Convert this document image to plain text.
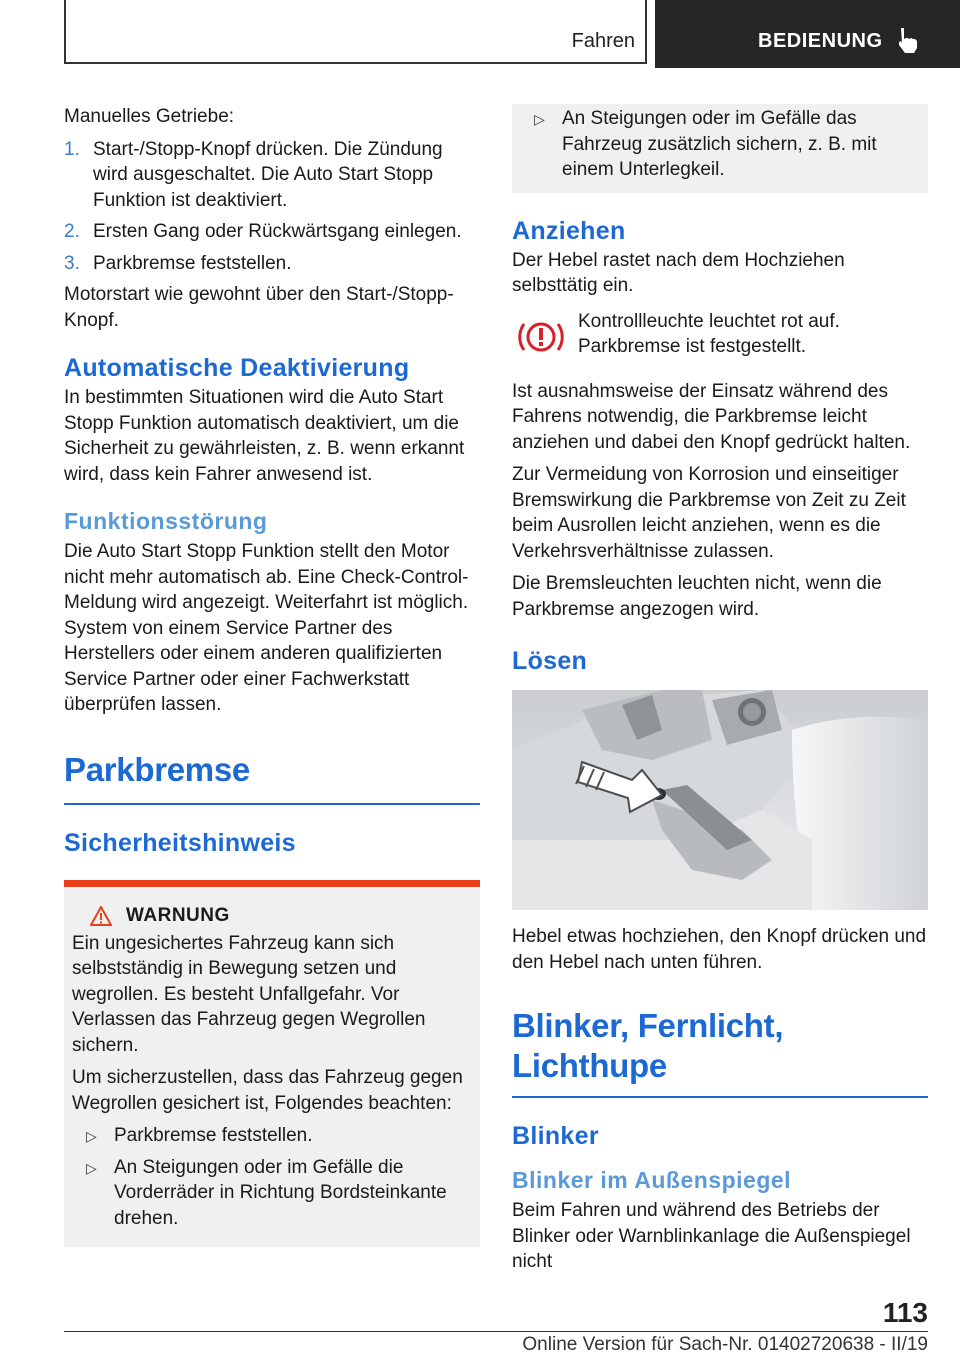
Fahren	BEDIENUNG

Manuelles Getriebe:

1. Start-/Stopp-Knopf drücken. Die Zündung wird ausgeschaltet. Die Auto Start Stopp Funktion ist deaktiviert.
2. Ersten Gang oder Rückwärtsgang einlegen.
3. Parkbremse feststellen.

Motorstart wie gewohnt über den Start-/Stopp-Knopf.

Automatische Deaktivierung

In bestimmten Situationen wird die Auto Start Stopp Funktion automatisch deaktiviert, um die Sicherheit zu gewährleisten, z. B. wenn erkannt wird, dass kein Fahrer anwesend ist.

Funktionsstörung

Die Auto Start Stopp Funktion stellt den Motor nicht mehr automatisch ab. Eine Check-Control-Meldung wird angezeigt. Weiterfahrt ist möglich. System von einem Service Partner des Herstellers oder einem anderen qualifizierten Service Partner oder einer Fachwerkstatt überprüfen lassen.

Parkbremse
Sicherheitshinweis
WARNUNG

Ein ungesichertes Fahrzeug kann sich selbstständig in Bewegung setzen und wegrollen. Es besteht Unfallgefahr. Vor Verlassen das Fahrzeug gegen Wegrollen sichern.

Um sicherzustellen, dass das Fahrzeug gegen Wegrollen gesichert ist, Folgendes beachten:

▷ Parkbremse feststellen.
▷ An Steigungen oder im Gefälle die Vorderräder in Richtung Bordsteinkante drehen.
▷ An Steigungen oder im Gefälle das Fahrzeug zusätzlich sichern, z. B. mit einem Unterlegkeil.
Anziehen

Der Hebel rastet nach dem Hochziehen selbsttätig ein.

Kontrollleuchte leuchtet rot auf. Parkbremse ist festgestellt.

Ist ausnahmsweise der Einsatz während des Fahrens notwendig, die Parkbremse leicht anziehen und dabei den Knopf gedrückt halten.

Zur Vermeidung von Korrosion und einseitiger Bremswirkung die Parkbremse von Zeit zu Zeit beim Ausrollen leicht anziehen, wenn es die Verkehrsverhältnisse zulassen.

Die Bremsleuchten leuchten nicht, wenn die Parkbremse angezogen wird.

Lösen

Hebel etwas hochziehen, den Knopf drücken und den Hebel nach unten führen.

Blinker, Fernlicht,
Lichthupe
Blinker
Blinker im Außenspiegel

Beim Fahren und während des Betriebs der Blinker oder Warnblinkanlage die Außenspiegel nicht

113
Online Version für Sach-Nr. 01402720638 - II/19
